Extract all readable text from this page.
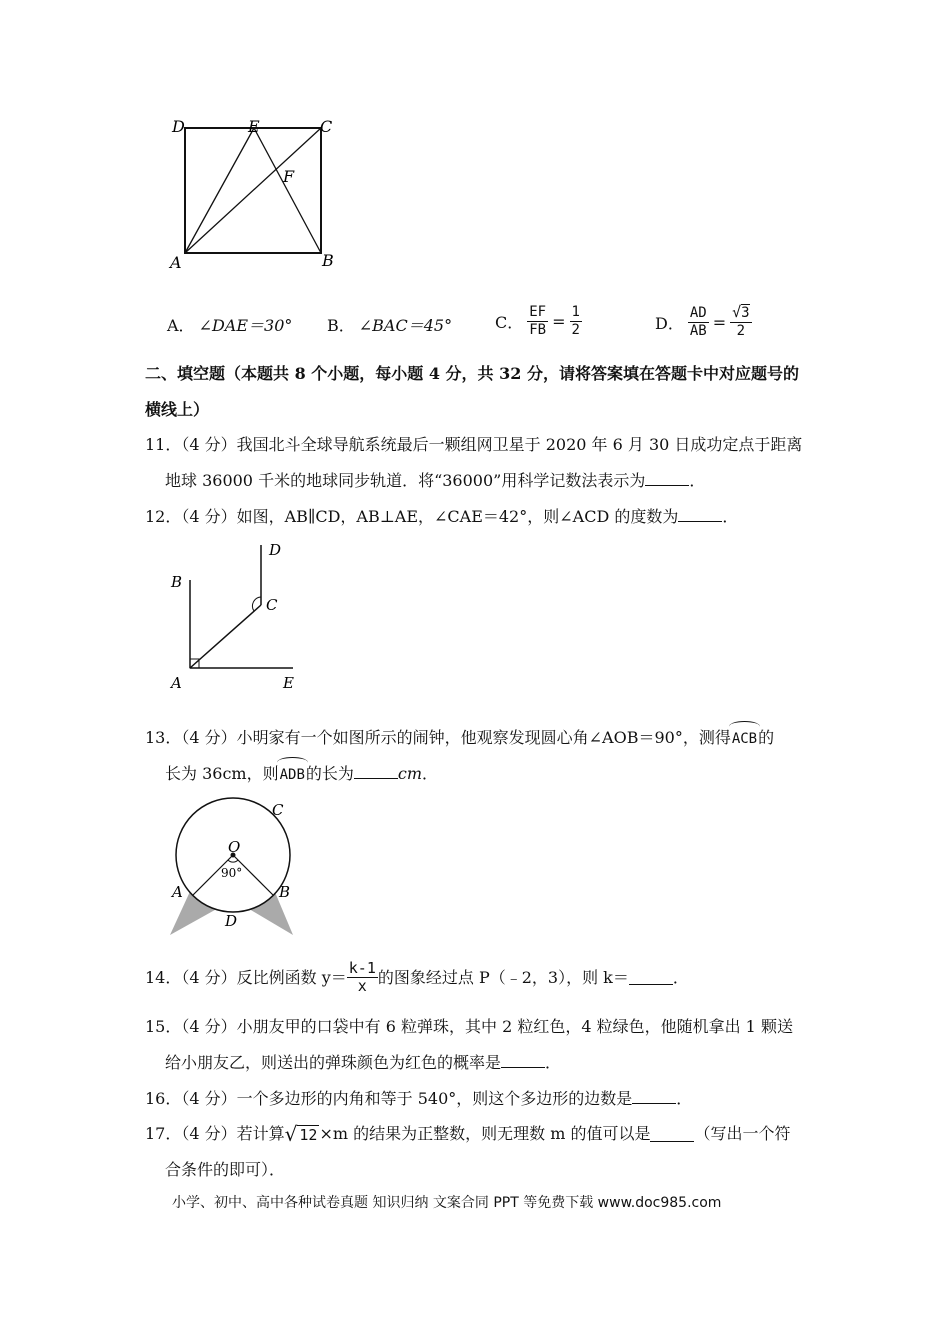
D	E	C
F
A	B
A． ∠DAE＝30° B． ∠BAC＝45°	C． $\frac{EF}{FB} = \frac{1}{2}$	D． $\frac{AD}{AB} = \frac{√3}{2}$
二、填空题（本题共 8 个小题，每小题 4 分，共 32 分，请将答案填在答题卡中对应题号的
横线上）
11．（4 分）我国北斗全球导航系统最后一颗组网卫星于 2020 年 6 月 30 日成功定点于距离
地球 36000 千米的地球同步轨道．将“36000”用科学记数法表示为	．
12．（4 分）如图，AB∥CD，AB⊥AE，∠CAE＝42°，则∠ACD 的度数为	．
D
B
C
A	E
13．（4 分）小明家有一个如图所示的闹钟，他观察发现圆心角∠AOB＝90°，测得ACB的
长为 36cm，则ADB的长为	cm．
C
O
90°
A	B
D
14．（4 分）反比例函数 $y= \frac{k-1}{x}$ 的图象经过点 P（﹣2，3），则 k＝	．
15．（4 分）小朋友甲的口袋中有 6 粒弹珠，其中 2 粒红色，4 粒绿色，他随机拿出 1 颗送
给小朋友乙，则送出的弹珠颜色为红色的概率是	．
16．（4 分）一个多边形的内角和等于 540°，则这个多边形的边数是	．
17．（4 分）若计算 √ 12 ×m 的结果为正整数，则无理数 m 的值可以是	（写出一个符
合条件的即可）．
小学、初中、高中各种试卷真题 知识归纳 文案合同 PPT 等免费下载 www.doc985.com
